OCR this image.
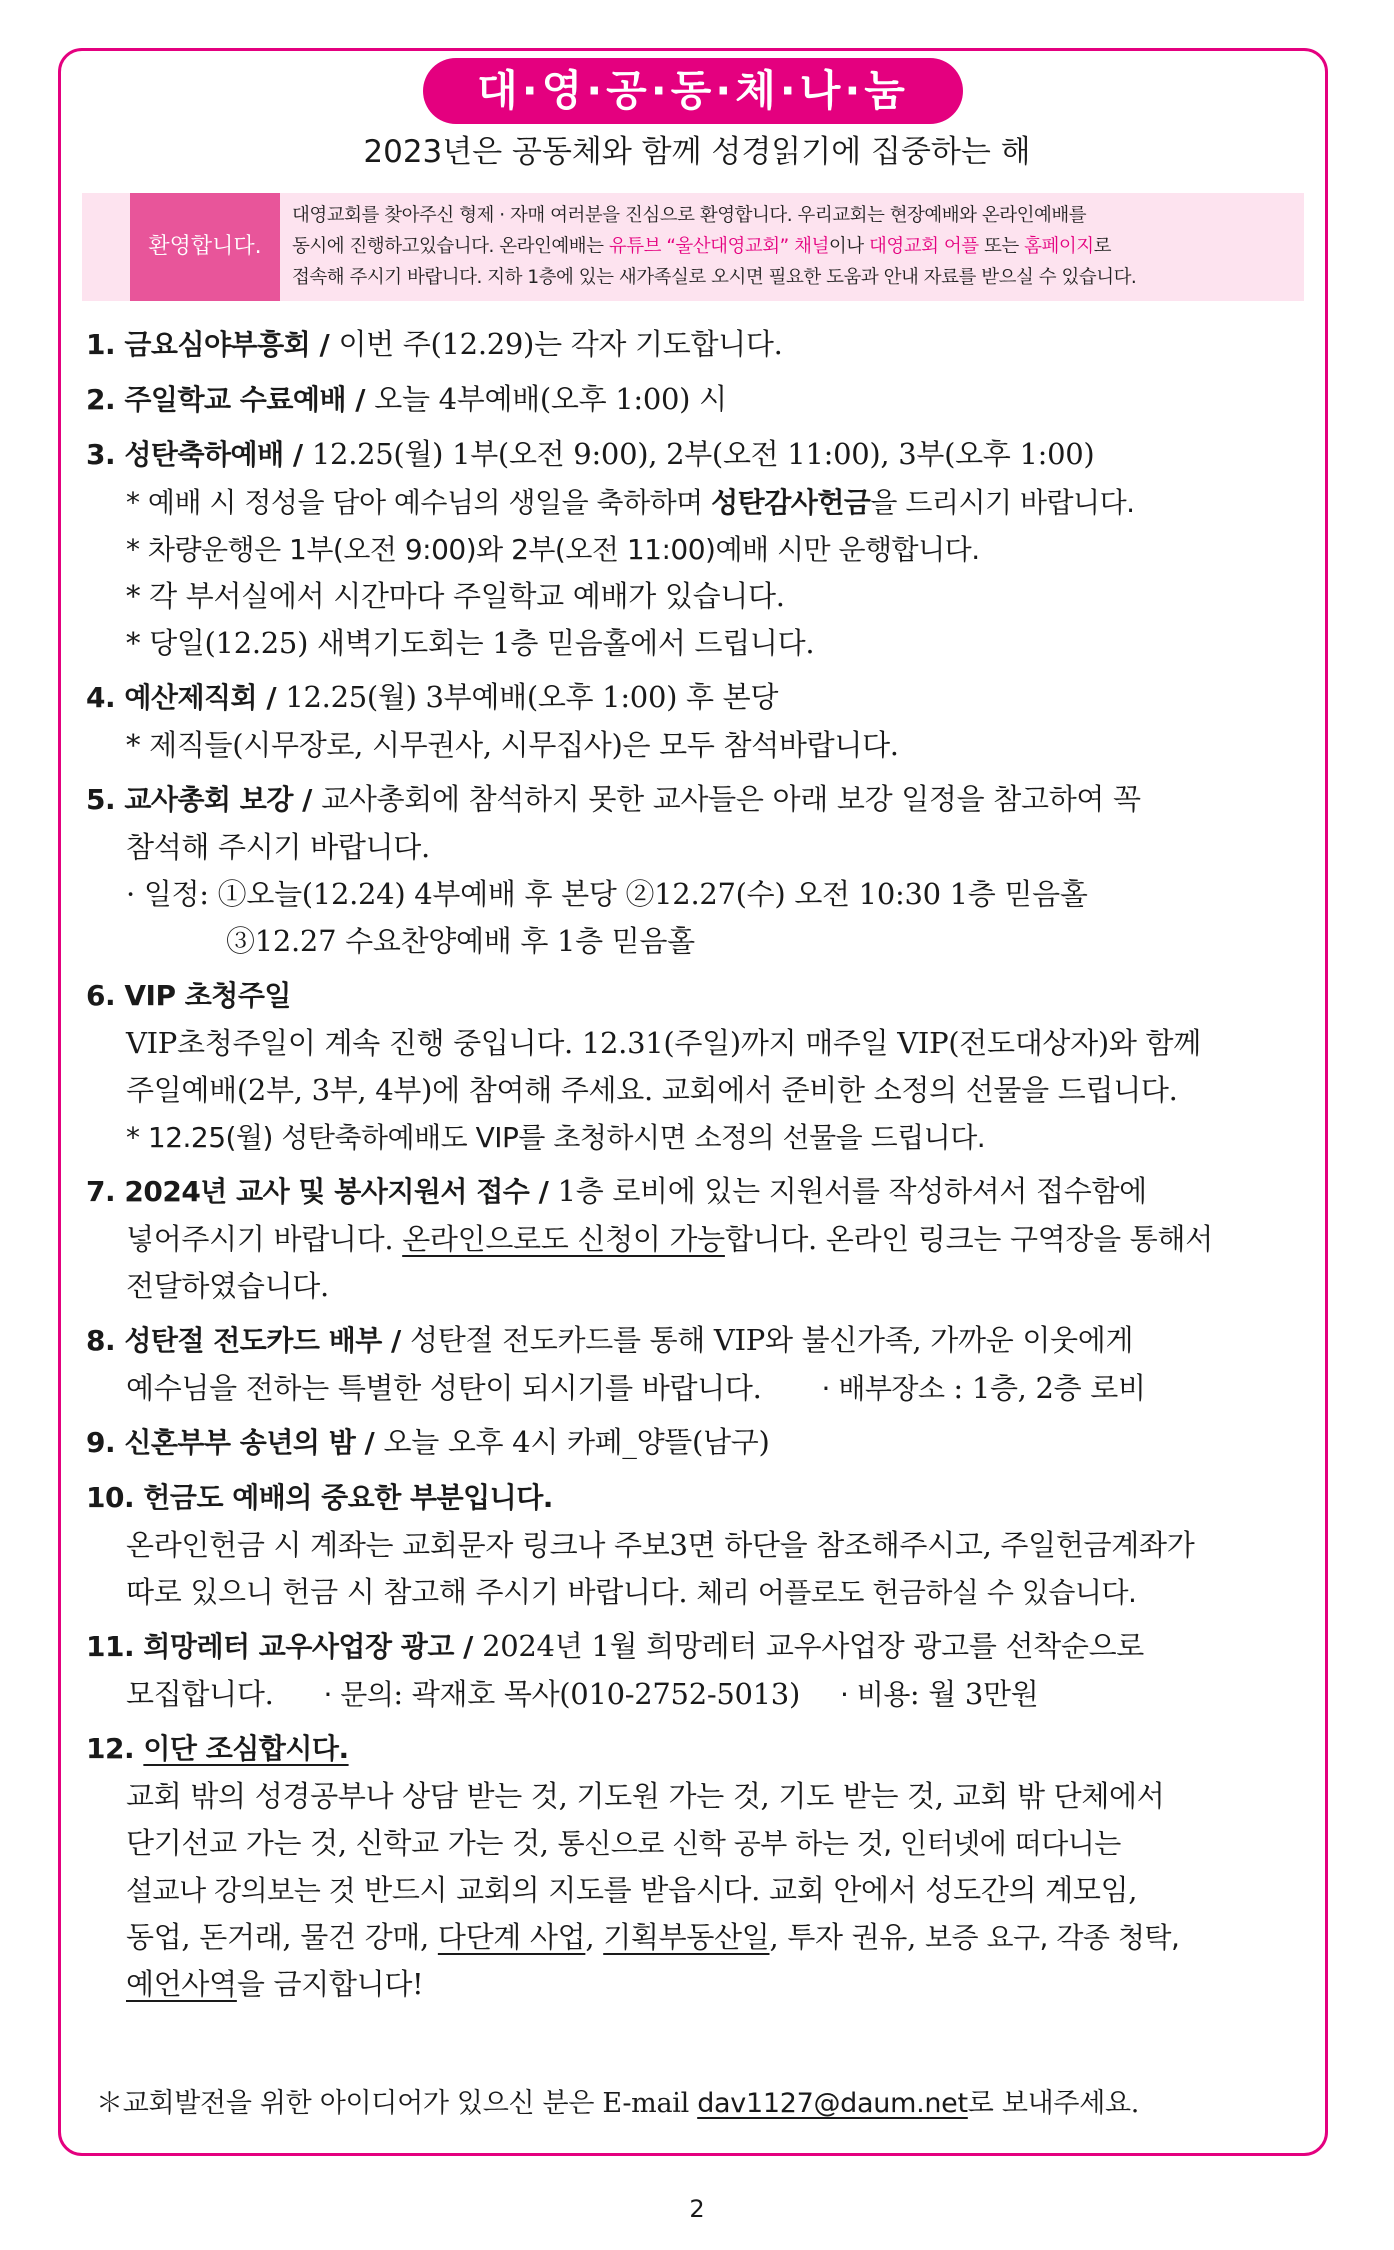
대·영·공·동·체·나·눔
2023년은 공동체와 함께 성경읽기에 집중하는 해
환영합니다.
대영교회를 찾아주신 형제 · 자매 여러분을 진심으로 환영합니다. 우리교회는 현장예배와 온라인예배를
동시에 진행하고있습니다. 온라인예배는 유튜브 “울산대영교회” 채널이나 대영교회 어플 또는 홈페이지로
접속해 주시기 바랍니다. 지하 1층에 있는 새가족실로 오시면 필요한 도움과 안내 자료를 받으실 수 있습니다.
1. 금요심야부흥회 / 이번 주(12.29)는 각자 기도합니다.
2. 주일학교 수료예배 / 오늘 4부예배(오후 1:00) 시
3. 성탄축하예배 / 12.25(월) 1부(오전 9:00), 2부(오전 11:00), 3부(오후 1:00)
* 예배 시 정성을 담아 예수님의 생일을 축하하며 성탄감사헌금을 드리시기 바랍니다.
* 차량운행은 1부(오전 9:00)와 2부(오전 11:00)예배 시만 운행합니다.
* 각 부서실에서 시간마다 주일학교 예배가 있습니다.
* 당일(12.25) 새벽기도회는 1층 믿음홀에서 드립니다.
4. 예산제직회 / 12.25(월) 3부예배(오후 1:00) 후 본당
* 제직들(시무장로, 시무권사, 시무집사)은 모두 참석바랍니다.
5. 교사총회 보강 / 교사총회에 참석하지 못한 교사들은 아래 보강 일정을 참고하여 꼭
참석해 주시기 바랍니다.
· 일정: ①오늘(12.24) 4부예배 후 본당 ②12.27(수) 오전 10:30 1층 믿음홀
③12.27 수요찬양예배 후 1층 믿음홀
6. VIP 초청주일
VIP초청주일이 계속 진행 중입니다. 12.31(주일)까지 매주일 VIP(전도대상자)와 함께
주일예배(2부, 3부, 4부)에 참여해 주세요. 교회에서 준비한 소정의 선물을 드립니다.
* 12.25(월) 성탄축하예배도 VIP를 초청하시면 소정의 선물을 드립니다.
7. 2024년 교사 및 봉사지원서 접수 / 1층 로비에 있는 지원서를 작성하셔서 접수함에
넣어주시기 바랍니다. 온라인으로도 신청이 가능합니다. 온라인 링크는 구역장을 통해서
전달하였습니다.
8. 성탄절 전도카드 배부 / 성탄절 전도카드를 통해 VIP와 불신가족, 가까운 이웃에게
예수님을 전하는 특별한 성탄이 되시기를 바랍니다. · 배부장소 : 1층, 2층 로비
9. 신혼부부 송년의 밤 / 오늘 오후 4시 카페_양뜰(남구)
10. 헌금도 예배의 중요한 부분입니다.
온라인헌금 시 계좌는 교회문자 링크나 주보3면 하단을 참조해주시고, 주일헌금계좌가
따로 있으니 헌금 시 참고해 주시기 바랍니다. 체리 어플로도 헌금하실 수 있습니다.
11. 희망레터 교우사업장 광고 / 2024년 1월 희망레터 교우사업장 광고를 선착순으로
모집합니다. · 문의: 곽재호 목사(010-2752-5013) · 비용: 월 3만원
12. 이단 조심합시다.
교회 밖의 성경공부나 상담 받는 것, 기도원 가는 것, 기도 받는 것, 교회 밖 단체에서
단기선교 가는 것, 신학교 가는 것, 통신으로 신학 공부 하는 것, 인터넷에 떠다니는
설교나 강의보는 것 반드시 교회의 지도를 받읍시다. 교회 안에서 성도간의 계모임,
동업, 돈거래, 물건 강매, 다단계 사업, 기획부동산일, 투자 권유, 보증 요구, 각종 청탁,
예언사역을 금지합니다!
＊교회발전을 위한 아이디어가 있으신 분은 E-mail dav1127@daum.net로 보내주세요.
2
